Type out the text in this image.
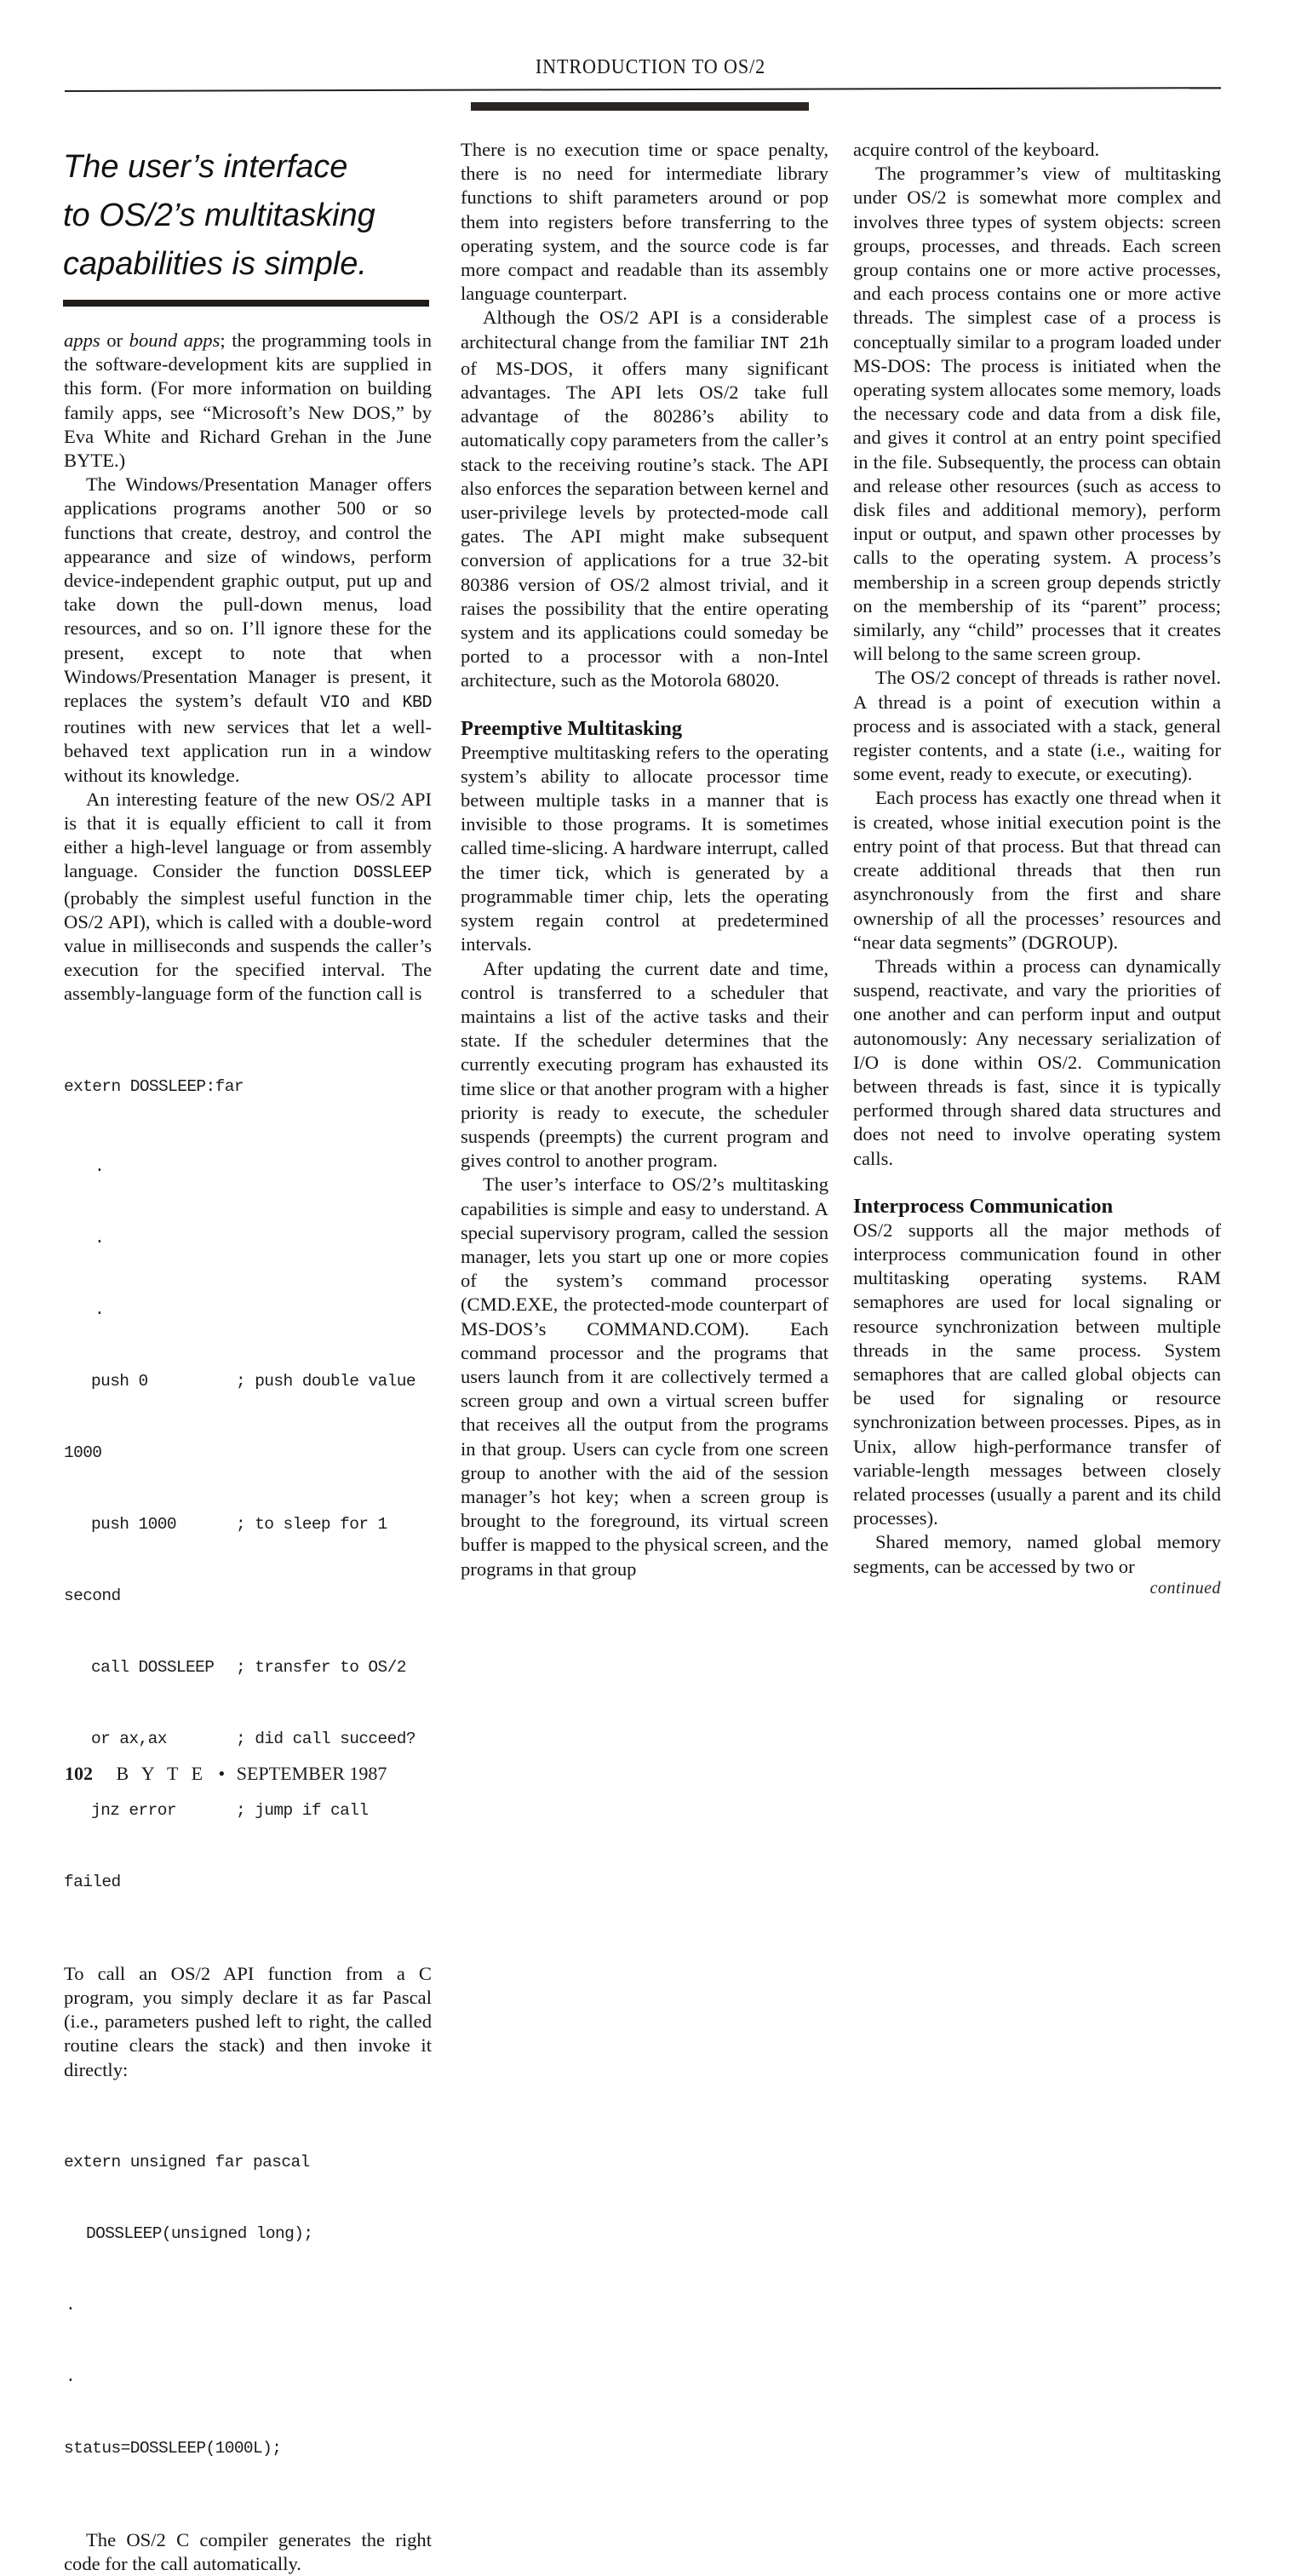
INTRODUCTION TO OS/2
The user’s interface
to OS/2’s multitasking
capabilities is simple.

apps or bound apps; the programming tools in the software-development kits are supplied in this form. (For more information on building family apps, see “Microsoft’s New DOS,” by Eva White and Richard Grehan in the June BYTE.)

The Windows/Presentation Manager offers applications programs another 500 or so functions that create, destroy, and control the appearance and size of windows, perform device-independent graphic output, put up and take down the pull-down menus, load resources, and so on. I’ll ignore these for the present, except to note that when Windows/Presentation Manager is present, it replaces the system’s default VIO and KBD routines with new services that let a well-behaved text application run in a window without its knowledge.

An interesting feature of the new OS/2 API is that it is equally efficient to call it from either a high-level language or from assembly language. Consider the function DOSSLEEP (probably the simplest useful function in the OS/2 API), which is called with a double-word value in milliseconds and suspends the caller’s execution for the specified interval. The assembly-language form of the function call is

extern DOSSLEEP:far

.

.

.

push 0	; push double value

1000

push 1000	; to sleep for 1

second

call DOSSLEEP	; transfer to OS/2

or ax,ax	; did call succeed?

jnz error	; jump if call

failed

To call an OS/2 API function from a C program, you simply declare it as far Pascal (i.e., parameters pushed left to right, the called routine clears the stack) and then invoke it directly:

extern unsigned far pascal

DOSSLEEP(unsigned long);

.

.

status=DOSSLEEP(1000L);

The OS/2 C compiler generates the right code for the call automatically.

There is no execution time or space penalty, there is no need for intermediate library functions to shift parameters around or pop them into registers before transferring to the operating system, and the source code is far more compact and readable than its assembly language counterpart.

Although the OS/2 API is a considerable architectural change from the familiar INT 21h of MS-DOS, it offers many significant advantages. The API lets OS/2 take full advantage of the 80286’s ability to automatically copy parameters from the caller’s stack to the receiving routine’s stack. The API also enforces the separation between kernel and user-privilege levels by protected-mode call gates. The API might make subsequent conversion of applications for a true 32-bit 80386 version of OS/2 almost trivial, and it raises the possibility that the entire operating system and its applications could someday be ported to a processor with a non-Intel architecture, such as the Motorola 68020.

Preemptive Multitasking

Preemptive multitasking refers to the operating system’s ability to allocate processor time between multiple tasks in a manner that is invisible to those programs. It is sometimes called time-slicing. A hardware interrupt, called the timer tick, which is generated by a programmable timer chip, lets the operating system regain control at predetermined intervals.

After updating the current date and time, control is transferred to a scheduler that maintains a list of the active tasks and their state. If the scheduler determines that the currently executing program has exhausted its time slice or that another program with a higher priority is ready to execute, the scheduler suspends (preempts) the current program and gives control to another program.

The user’s interface to OS/2’s multitasking capabilities is simple and easy to understand. A special supervisory program, called the session manager, lets you start up one or more copies of the system’s command processor (CMD.EXE, the protected-mode counterpart of MS-DOS’s COMMAND.COM). Each command processor and the programs that users launch from it are collectively termed a screen group and own a virtual screen buffer that receives all the output from the programs in that group. Users can cycle from one screen group to another with the aid of the session manager’s hot key; when a screen group is brought to the foreground, its virtual screen buffer is mapped to the physical screen, and the programs in that group

acquire control of the keyboard.

The programmer’s view of multitasking under OS/2 is somewhat more complex and involves three types of system objects: screen groups, processes, and threads. Each screen group contains one or more active processes, and each process contains one or more active threads. The simplest case of a process is conceptually similar to a program loaded under MS-DOS: The process is initiated when the operating system allocates some memory, loads the necessary code and data from a disk file, and gives it control at an entry point specified in the file. Subsequently, the process can obtain and release other resources (such as access to disk files and additional memory), perform input or output, and spawn other processes by calls to the operating system. A process’s membership in a screen group depends strictly on the membership of its “parent” process; similarly, any “child” processes that it creates will belong to the same screen group.

The OS/2 concept of threads is rather novel. A thread is a point of execution within a process and is associated with a stack, general register contents, and a state (i.e., waiting for some event, ready to execute, or executing).

Each process has exactly one thread when it is created, whose initial execution point is the entry point of that process. But that thread can create additional threads that then run asynchronously from the first and share ownership of all the processes’ resources and “near data segments” (DGROUP).

Threads within a process can dynamically suspend, reactivate, and vary the priorities of one another and can perform input and output autonomously: Any necessary serialization of I/O is done within OS/2. Communication between threads is fast, since it is typically performed through shared data structures and does not need to involve operating system calls.

Interprocess Communication

OS/2 supports all the major methods of interprocess communication found in other multitasking operating systems. RAM semaphores are used for local signaling or resource synchronization between multiple threads in the same process. System semaphores that are called global objects can be used for signaling or resource synchronization between processes. Pipes, as in Unix, allow high-performance transfer of variable-length messages between closely related processes (usually a parent and its child processes).

Shared memory, named global memory segments, can be accessed by two or

continued
102 B Y T E • SEPTEMBER 1987
